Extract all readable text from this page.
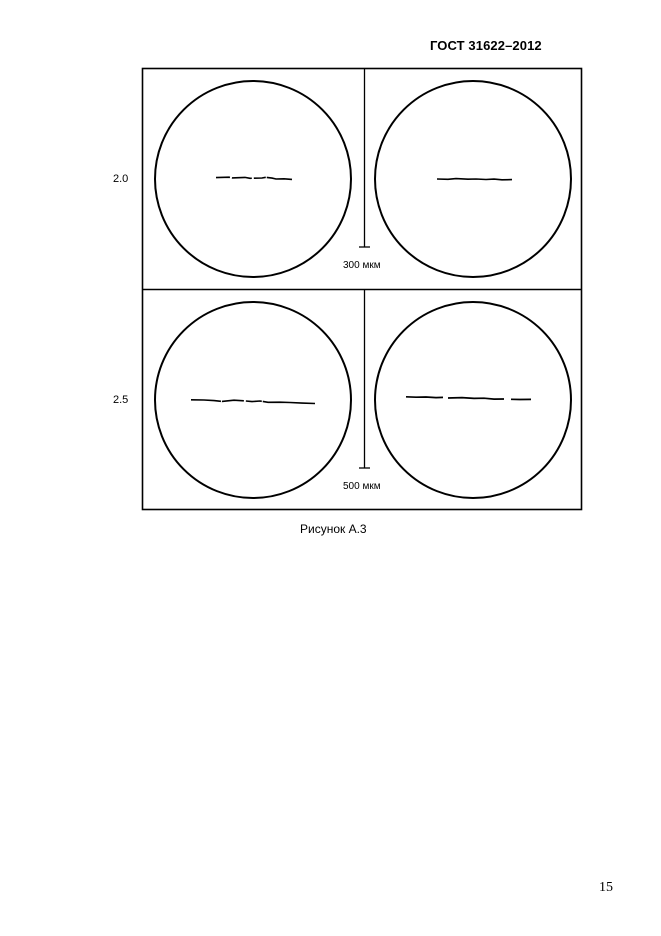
ГОСТ 31622–2012
2.0
2.5
300 мкм
500 мкм
Рисунок А.3
15
